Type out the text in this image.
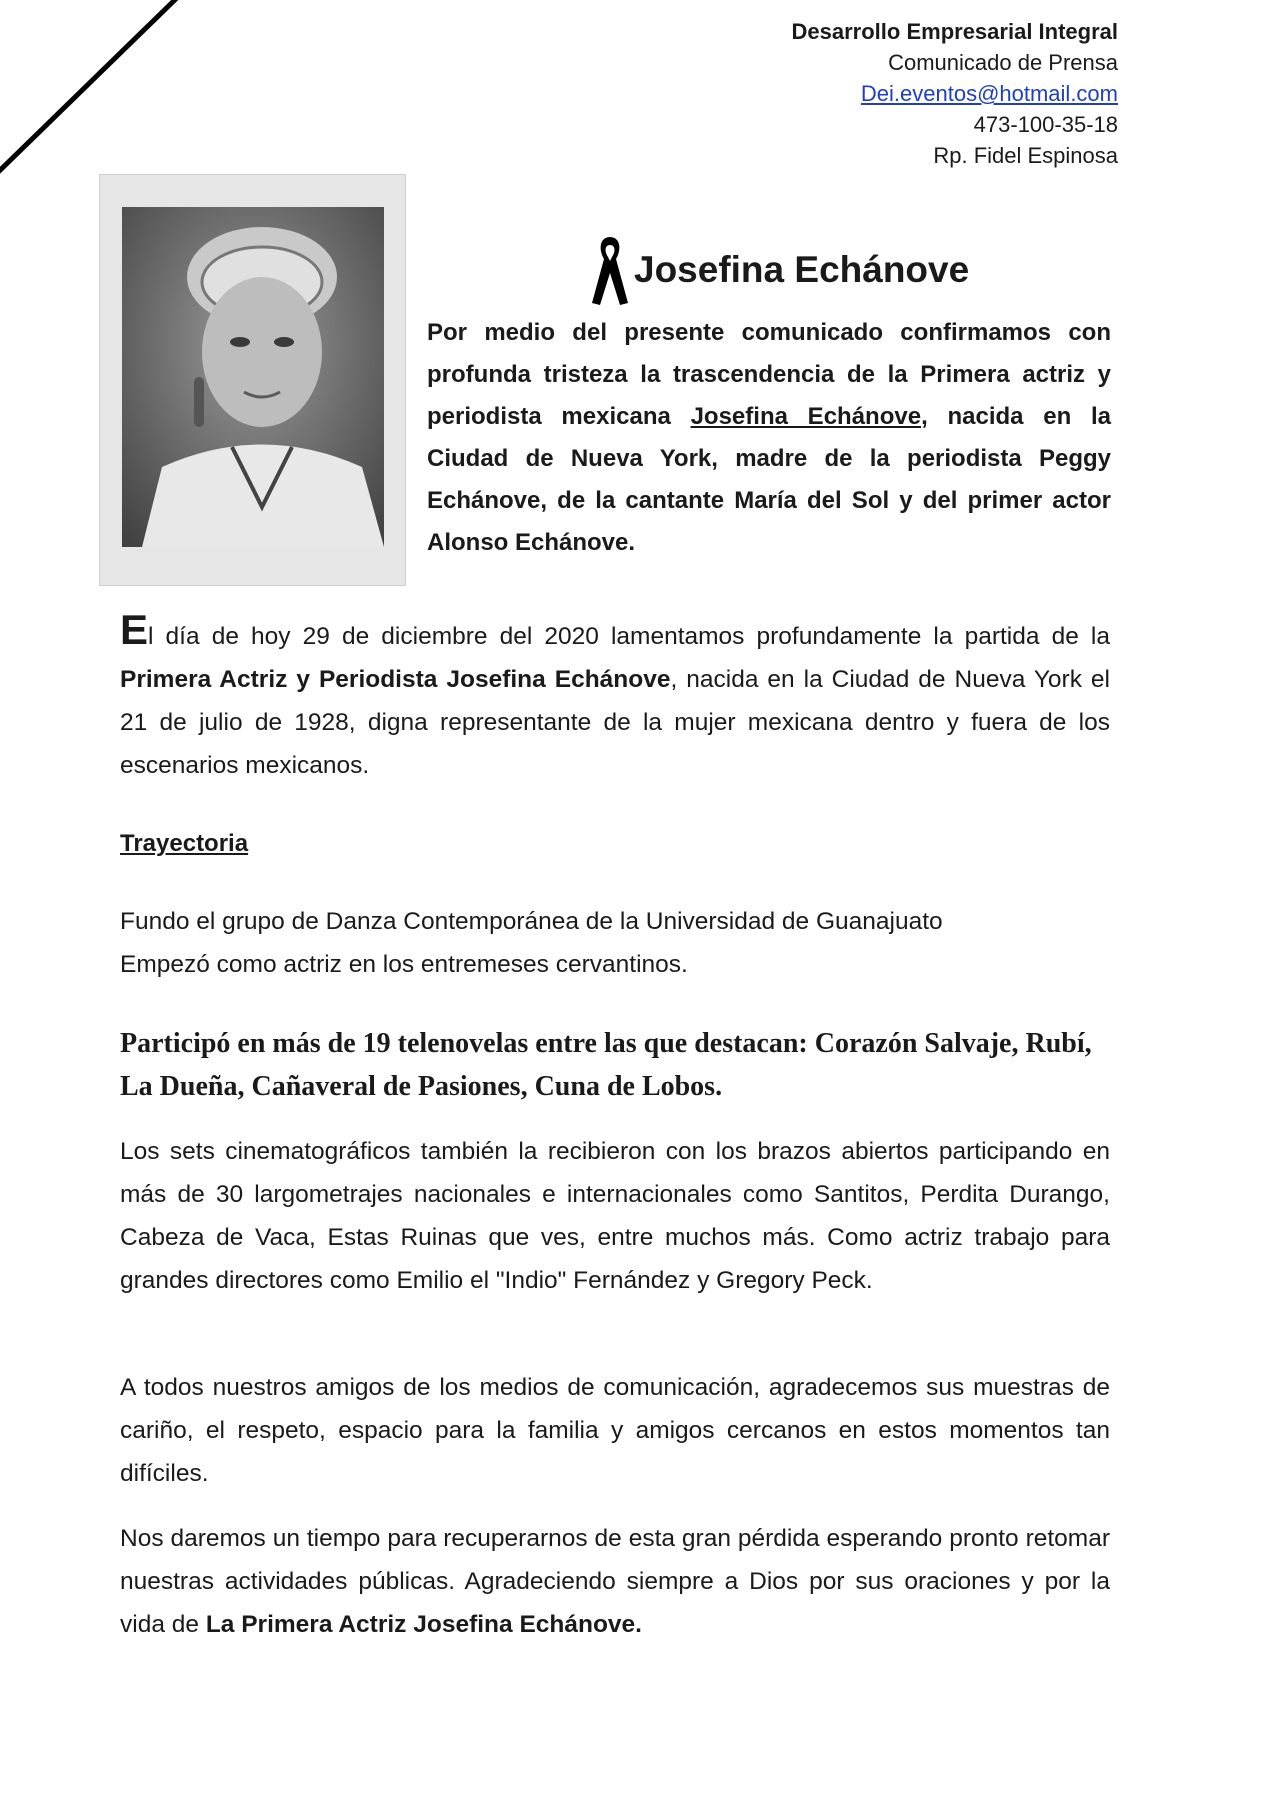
Desarrollo Empresarial Integral
Comunicado de Prensa
Dei.eventos@hotmail.com
473-100-35-18
Rp. Fidel Espinosa
Josefina Echánove
Por medio del presente comunicado confirmamos con profunda tristeza la trascendencia de la Primera actriz y periodista mexicana Josefina Echánove, nacida en la Ciudad de Nueva York, madre de la periodista Peggy Echánove, de la cantante María del Sol y del primer actor Alonso Echánove.
El día de hoy 29 de diciembre del 2020 lamentamos profundamente la partida de la Primera Actriz y Periodista Josefina Echánove, nacida en la Ciudad de Nueva York el 21 de julio de 1928, digna representante de la mujer mexicana dentro y fuera de los escenarios mexicanos.
Trayectoria
Fundo el grupo de Danza Contemporánea de la Universidad de Guanajuato
Empezó como actriz en los entremeses cervantinos.
Participó en más de 19 telenovelas entre las que destacan: Corazón Salvaje, Rubí, La Dueña, Cañaveral de Pasiones, Cuna de Lobos.
Los sets cinematográficos también la recibieron con los brazos abiertos participando en más de 30 largometrajes nacionales e internacionales como Santitos, Perdita Durango, Cabeza de Vaca, Estas Ruinas que ves, entre muchos más. Como actriz trabajo para grandes directores como Emilio el "Indio" Fernández y Gregory Peck.
A todos nuestros amigos de los medios de comunicación, agradecemos sus muestras de cariño, el respeto, espacio para la familia y amigos cercanos en estos momentos tan difíciles.
Nos daremos un tiempo para recuperarnos de esta gran pérdida esperando pronto retomar nuestras actividades públicas. Agradeciendo siempre a Dios por sus oraciones y por la vida de La Primera Actriz Josefina Echánove.
